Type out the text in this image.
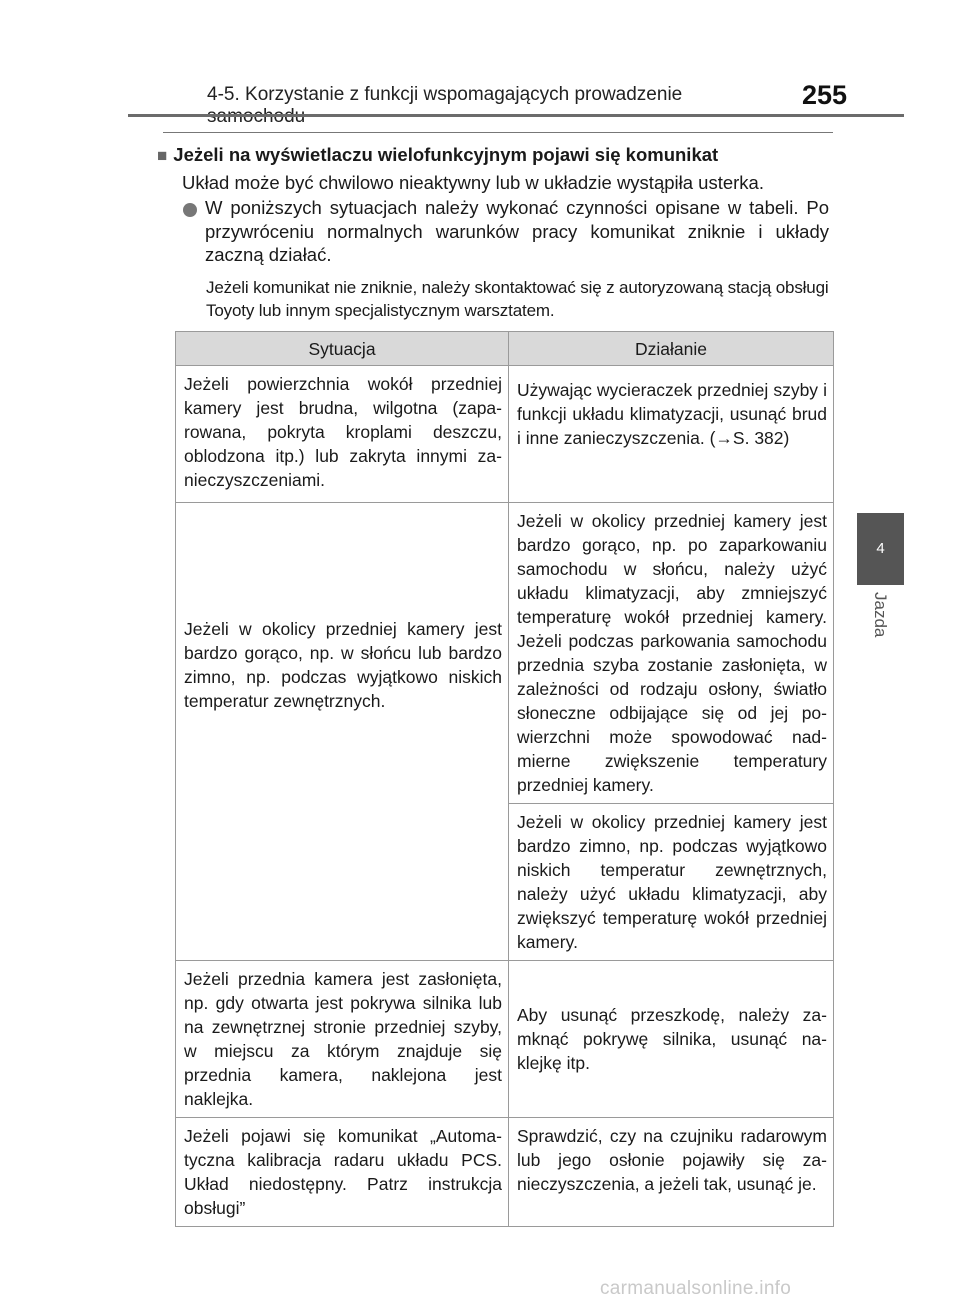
4-5. Korzystanie z funkcji wspomagających prowadzenie	255
4
Jazda
■ Jeżeli na wyświetlaczu wielofunkcyjnym pojawi się komunikat
Układ może być chwilowo nieaktywny lub w układzie wystąpiła usterka.
W poniższych sytuacjach należy wykonać czynności opisane w tabeli. Po przywróceniu normalnych warunków pracy komunikat zniknie i układy zaczną działać.
Jeżeli komunikat nie zniknie, należy skontaktować się z autoryzowaną stacją obsługi Toyoty lub innym specjalistycznym warsztatem.
Sytuacja	Działanie
Jeżeli powierzchnia wokół przedniej kamery jest brudna, wilgotna (zaparowana, pokryta kroplami deszczu, oblodzona itp.) lub zakryta innymi zanieczyszczeniami.	Używając wycieraczek przedniej szyby i funkcji układu klimatyzacji, usunąć brud i inne zanieczyszczenia. (→S. 382)
Jeżeli w okolicy przedniej kamery jest bardzo gorąco, np. w słońcu lub bardzo zimno, np. podczas wyjątkowo niskich temperatur zewnętrznych.	Jeżeli w okolicy przedniej kamery jest bardzo gorąco, np. po zaparkowaniu samochodu w słońcu, należy użyć układu klimatyzacji, aby zmniejszyć temperaturę wokół przedniej kamery. Jeżeli podczas parkowania samochodu przednia szyba zostanie zasłonięta, w zależności od rodzaju osłony, światło słoneczne odbijające się od jej powierzchni może spowodować nadmierne zwiększenie temperatury przedniej kamery.
	Jeżeli w okolicy przedniej kamery jest bardzo zimno, np. podczas wyjątkowo niskich temperatur zewnętrznych, należy użyć układu klimatyzacji, aby zwiększyć temperaturę wokół przedniej kamery.
Jeżeli przednia kamera jest zasłonięta, np. gdy otwarta jest pokrywa silnika lub na zewnętrznej stronie przedniej szyby, w miejscu za którym znajduje się przednia kamera, naklejona jest naklejka.	Aby usunąć przeszkodę, należy zamknąć pokrywę silnika, usunąć naklejkę itp.
Jeżeli pojawi się komunikat „Automatyczna kalibracja radaru układu PCS. Układ niedostępny. Patrz instrukcja obsługi”	Sprawdzić, czy na czujniku radarowym lub jego osłonie pojawiły się zanieczyszczenia, a jeżeli tak, usunąć je.
carmanualsonline.info
